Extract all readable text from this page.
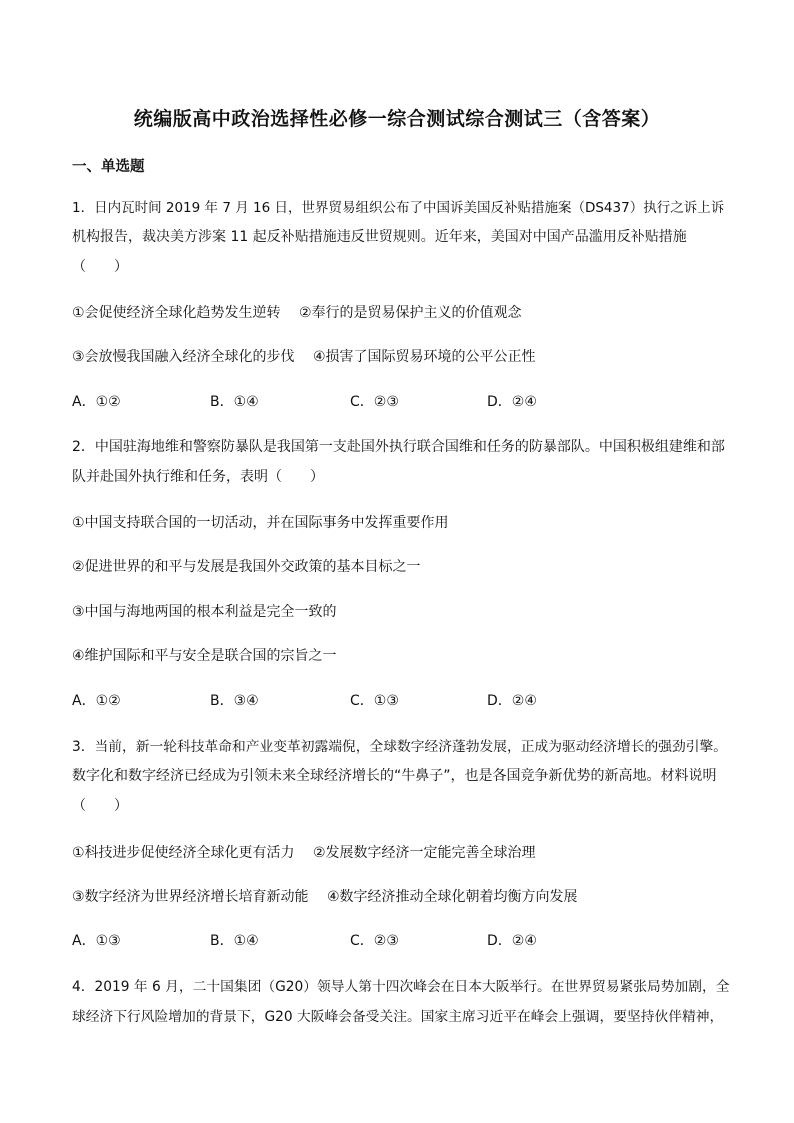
统编版高中政治选择性必修一综合测试综合测试三（含答案）
一、单选题
1．日内瓦时间 2019 年 7 月 16 日，世界贸易组织公布了中国诉美国反补贴措施案（DS437）执行之诉上诉
机构报告，裁决美方涉案 11 起反补贴措施违反世贸规则。近年来，美国对中国产品滥用反补贴措施
（　　）
①会促使经济全球化趋势发生逆转　 ②奉行的是贸易保护主义的价值观念
③会放慢我国融入经济全球化的步伐　 ④损害了国际贸易环境的公平公正性
A．①②	B．①④	C．②③	D．②④
2．中国驻海地维和警察防暴队是我国第一支赴国外执行联合国维和任务的防暴部队。中国积极组建维和部
队并赴国外执行维和任务，表明（　　）
①中国支持联合国的一切活动，并在国际事务中发挥重要作用
②促进世界的和平与发展是我国外交政策的基本目标之一
③中国与海地两国的根本利益是完全一致的
④维护国际和平与安全是联合国的宗旨之一
A．①②	B．③④	C．①③	D．②④
3．当前，新一轮科技革命和产业变革初露端倪，全球数字经济蓬勃发展，正成为驱动经济增长的强劲引擎。
数字化和数字经济已经成为引领未来全球经济增长的“牛鼻子”，也是各国竞争新优势的新高地。材料说明
（　　）
①科技进步促使经济全球化更有活力　 ②发展数字经济一定能完善全球治理
③数字经济为世界经济增长培育新动能　 ④数字经济推动全球化朝着均衡方向发展
A．①③	B．①④	C．②③	D．②④
4．2019 年 6 月，二十国集团（G20）领导人第十四次峰会在日本大阪举行。在世界贸易紧张局势加剧，全
球经济下行风险增加的背景下，G20 大阪峰会备受关注。国家主席习近平在峰会上强调，要坚持伙伴精神，
